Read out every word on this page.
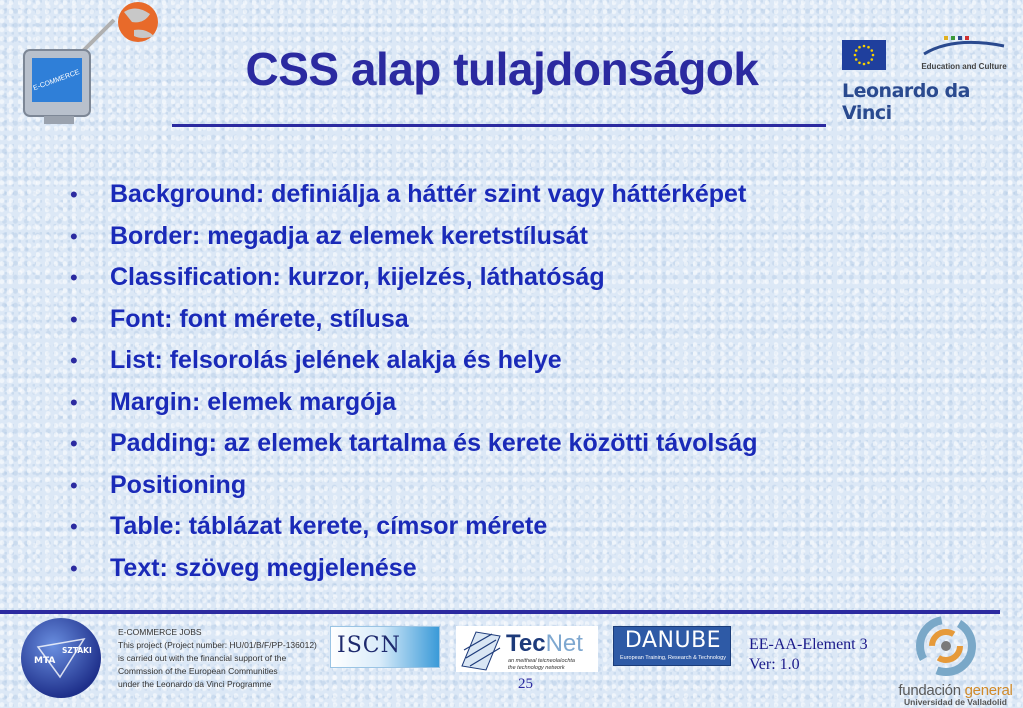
E-COMMERCE	CSS alap tulajdonságok	Education and Culture
Leonardo da Vinci
• Background: definiálja a háttér szint vagy háttérképet
• Border: megadja az elemek keretstílusát
• Classification: kurzor, kijelzés, láthatóság
• Font: font mérete, stílusa
• List: felsorolás jelének alakja és helye
• Margin: elemek margója
• Padding: az elemek tartalma és kerete közötti távolság
• Positioning
• Table: táblázat kerete, címsor mérete
• Text: szöveg megjelenése
MTA
SZTAKI
E-COMMERCE JOBS
This project (Project number: HU/01/B/F/PP-136012)
is carried out with the financial support of the
Commssion of the European Communities
under the Leonardo da Vinci Programme
ISCN	TecNet
an meitheal teicneolaíochta
the technology network
DANUBE
European Training, Research & Technology
25
EE-AA-Element 3
Ver: 1.0
fundación general
Universidad de Valladolid
